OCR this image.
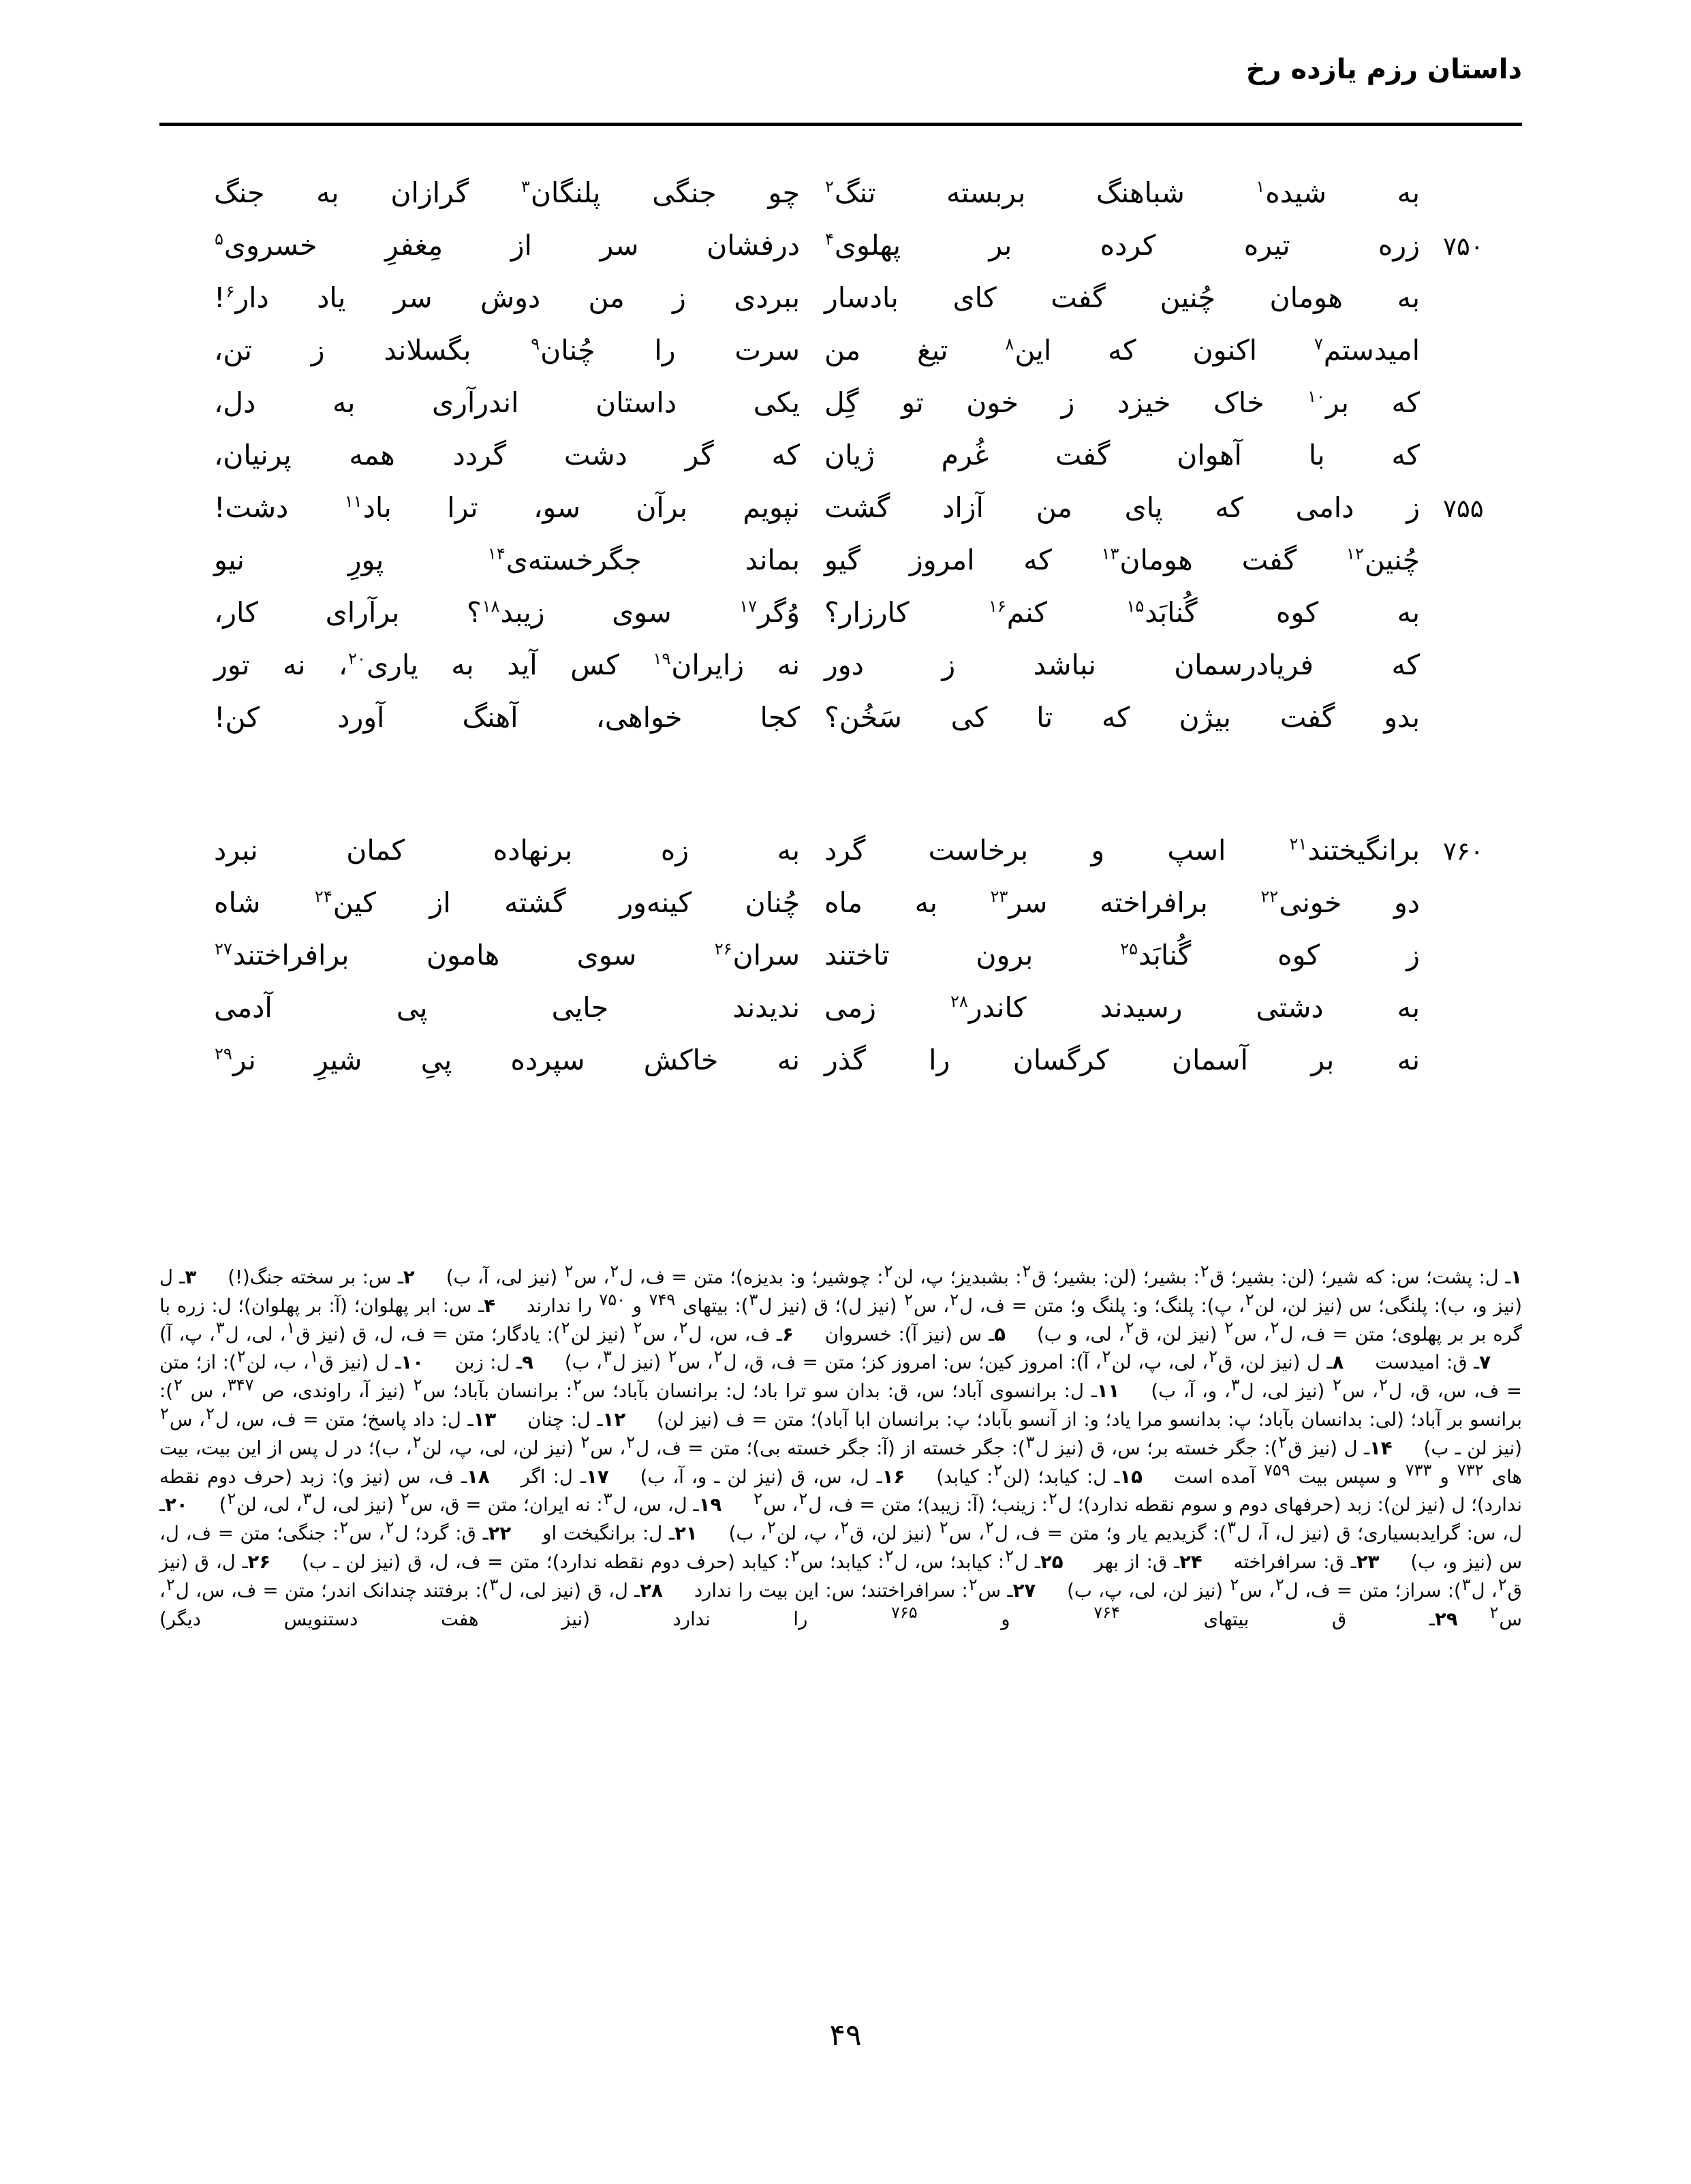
داستان رزم یازده رخ
به شیده$^۱$ شباهنگ بربسته تنگ$^۲$
چو جنگی پلنگان$^۳$ گرازان به جنگ
۷۵۰
زره تیره کرده بر پهلوی$^۴$
درفشان سر از مِغفرِ خسروی$^۵$
به هومان چُنین گفت کای بادسار
ببردی ز من دوش سر یاد دار$^۶$!
امیدستم$^۷$ اکنون که این$^۸$ تیغ من
سرت را چُنان$^۹$ بگسلاند ز تن،
که بر$^{۱۰}$ خاک خیزد ز خون تو گِل
یکی داستان اندرآری به دل،
که با آهوان گفت غُرم ژیان
که گر دشت گردد همه پرنیان،
۷۵۵
ز دامی که پای من آزاد گشت
نپویم برآن سو، ترا باد$^{۱۱}$ دشت!
چُنین$^{۱۲}$ گفت هومان$^{۱۳}$ که امروز گیو
بماند جگرخسته‌ی$^{۱۴}$ پورِ نیو
به کوه گُنابَد$^{۱۵}$ کنم$^{۱۶}$ کارزار؟
وُگر$^{۱۷}$ سوی زیبد$^{۱۸}$؟ برآرای کار،
که فریادرسمان نباشد ز دور
نه زایران$^{۱۹}$ کس آید به یاری$^{۲۰}$، نه تور
بدو گفت بیژن که تا کی سَخُن؟
کجا خواهی، آهنگ آورد کن!
۷۶۰
برانگیختند$^{۲۱}$ اسپ و برخاست گرد
به زه برنهاده کمان نبرد
دو خونی$^{۲۲}$ برافراخته سر$^{۲۳}$ به ماه
چُنان کینه‌ور گشته از کین$^{۲۴}$ شاه
ز کوه گُنابَد$^{۲۵}$ برون تاختند
سران$^{۲۶}$ سوی هامون برافراختند$^{۲۷}$
به دشتی رسیدند کاندر$^{۲۸}$ زمی
ندیدند جایی پی آدمی
نه بر آسمان کرگسان را گذر
نه خاکش سپرده پیِ شیرِ نر$^{۲۹}$
۱ـ ل: پشت؛ س: که شیر؛ (لن: بشیر؛ ق$^۲$: بشیر؛ (لن: بشیر؛ ق$^۲$: بشبدیز؛ پ، لن$^۲$: چوشیر؛ و: بدیزه)؛ متن = ف، ل$^۲$، س$^۲$ (نیز لی، آ، ب)۲ـ س: بر سخته جنگ(!)۳ـ ل (نیز و، ب): پلنگی؛ س (نیز لن، لن$^۲$، پ): پلنگ؛ و: پلنگ و؛ متن = ف، ل$^۲$، س$^۲$ (نیز ل)؛ ق (نیز ل$^۳$): بیتهای $^{۷۴۹}$ و $^{۷۵۰}$ را ندارند۴ـ س: ابر پهلوان؛ (آ: بر پهلوان)؛ ل: زره با گره بر بر پهلوی؛ متن = ف، ل$^۲$، س$^۲$ (نیز لن، ق$^۲$، لی، و ب)۵ـ س (نیز آ): خسروان۶ـ ف، س، ل$^۲$، س$^۲$ (نیز لن$^۲$): یادگار؛ متن = ف، ل، ق (نیز ق$^۱$، لی، ل$^۳$، پ، آ)۷ـ ق: امیدست۸ـ ل (نیز لن، ق$^۲$، لی، پ، لن$^۲$، آ): امروز کین؛ س: امروز کز؛ متن = ف، ق، ل$^۲$، س$^۲$ (نیز ل$^۳$، ب)۹ـ ل: زبن۱۰ـ ل (نیز ق$^۱$، ب، لن$^۲$): از؛ متن = ف، س، ق، ل$^۲$، س$^۲$ (نیز لی، ل$^۳$، و، آ، ب)۱۱ـ ل: برانسوی آباد؛ س، ق: بدان سو ترا باد؛ ل: برانسان بآباد؛ س$^۲$: برانسان بآباد؛ س$^۲$ (نیز آ، راوندی، ص $^{۳۴۷}$، س $^۲$): برانسو بر آباد؛ (لی: بدانسان بآباد؛ پ: بدانسو مرا یاد؛ و: از آنسو بآباد؛ پ: برانسان ابا آباد)؛ متن = ف (نیز لن)۱۲ـ ل: چنان۱۳ـ ل: داد پاسخ؛ متن = ف، س، ل$^۲$، س$^۲$ (نیز لن ـ ب)۱۴ـ ل (نیز ق$^۲$): جگر خسته بر؛ س، ق (نیز ل$^۳$): جگر خسته از (آ: جگر خسته بی)؛ متن = ف، ل$^۲$، س$^۲$ (نیز لن، لی، پ، لن$^۲$، ب)؛ در ل پس از این بیت، بیت های $^{۷۳۲}$ و $^{۷۳۳}$ و سپس بیت $^{۷۵۹}$ آمده است۱۵ـ ل: کیابد؛ (لن$^۲$: کیابد)۱۶ـ ل، س، ق (نیز لن ـ و، آ، ب)۱۷ـ ل: اگر۱۸ـ ف، س (نیز و): زبد (حرف دوم نقطه ندارد)؛ ل (نیز لن): زبد (حرفهای دوم و سوم نقطه ندارد)؛ ل$^۲$: زینب؛ (آ: زیبد)؛ متن = ف، ل$^۲$، س$^۲$۱۹ـ ل، س، ل$^۳$: نه ایران؛ متن = ق، س$^۲$ (نیز لی، ل$^۳$، لی، لن$^۲$)۲۰ـ ل، س: گرایدبسیاری؛ ق (نیز ل، آ، ل$^۳$): گزیدیم یار و؛ متن = ف، ل$^۲$، س$^۲$ (نیز لن، ق$^۲$، پ، لن$^۲$، ب)۲۱ـ ل: برانگیخت او۲۲ـ ق: گرد؛ ل$^۲$، س$^۲$: جنگی؛ متن = ف، ل، س (نیز و، ب)۲۳ـ ق: سرافراخته۲۴ـ ق: از بهر۲۵ـ ل$^۲$: کیابد؛ س، ل$^۲$: کیابد؛ س$^۲$: کیابد (حرف دوم نقطه ندارد)؛ متن = ف، ل، ق (نیز لن ـ ب)۲۶ـ ل، ق (نیز ق$^۲$، ل$^۳$): سراز؛ متن = ف، ل$^۲$، س$^۲$ (نیز لن، لی، پ، ب)۲۷ـ س$^۲$: سرافراختند؛ س: این بیت را ندارد۲۸ـ ل، ق (نیز لی، ل$^۳$): برفتند چندانک اندر؛ متن = ف، س، ل$^۲$، س$^۲$۲۹ـ ق بیتهای $^{۷۶۴}$ و $^{۷۶۵}$ را ندارد (نیز هفت دستنویس دیگر)
۴۹
